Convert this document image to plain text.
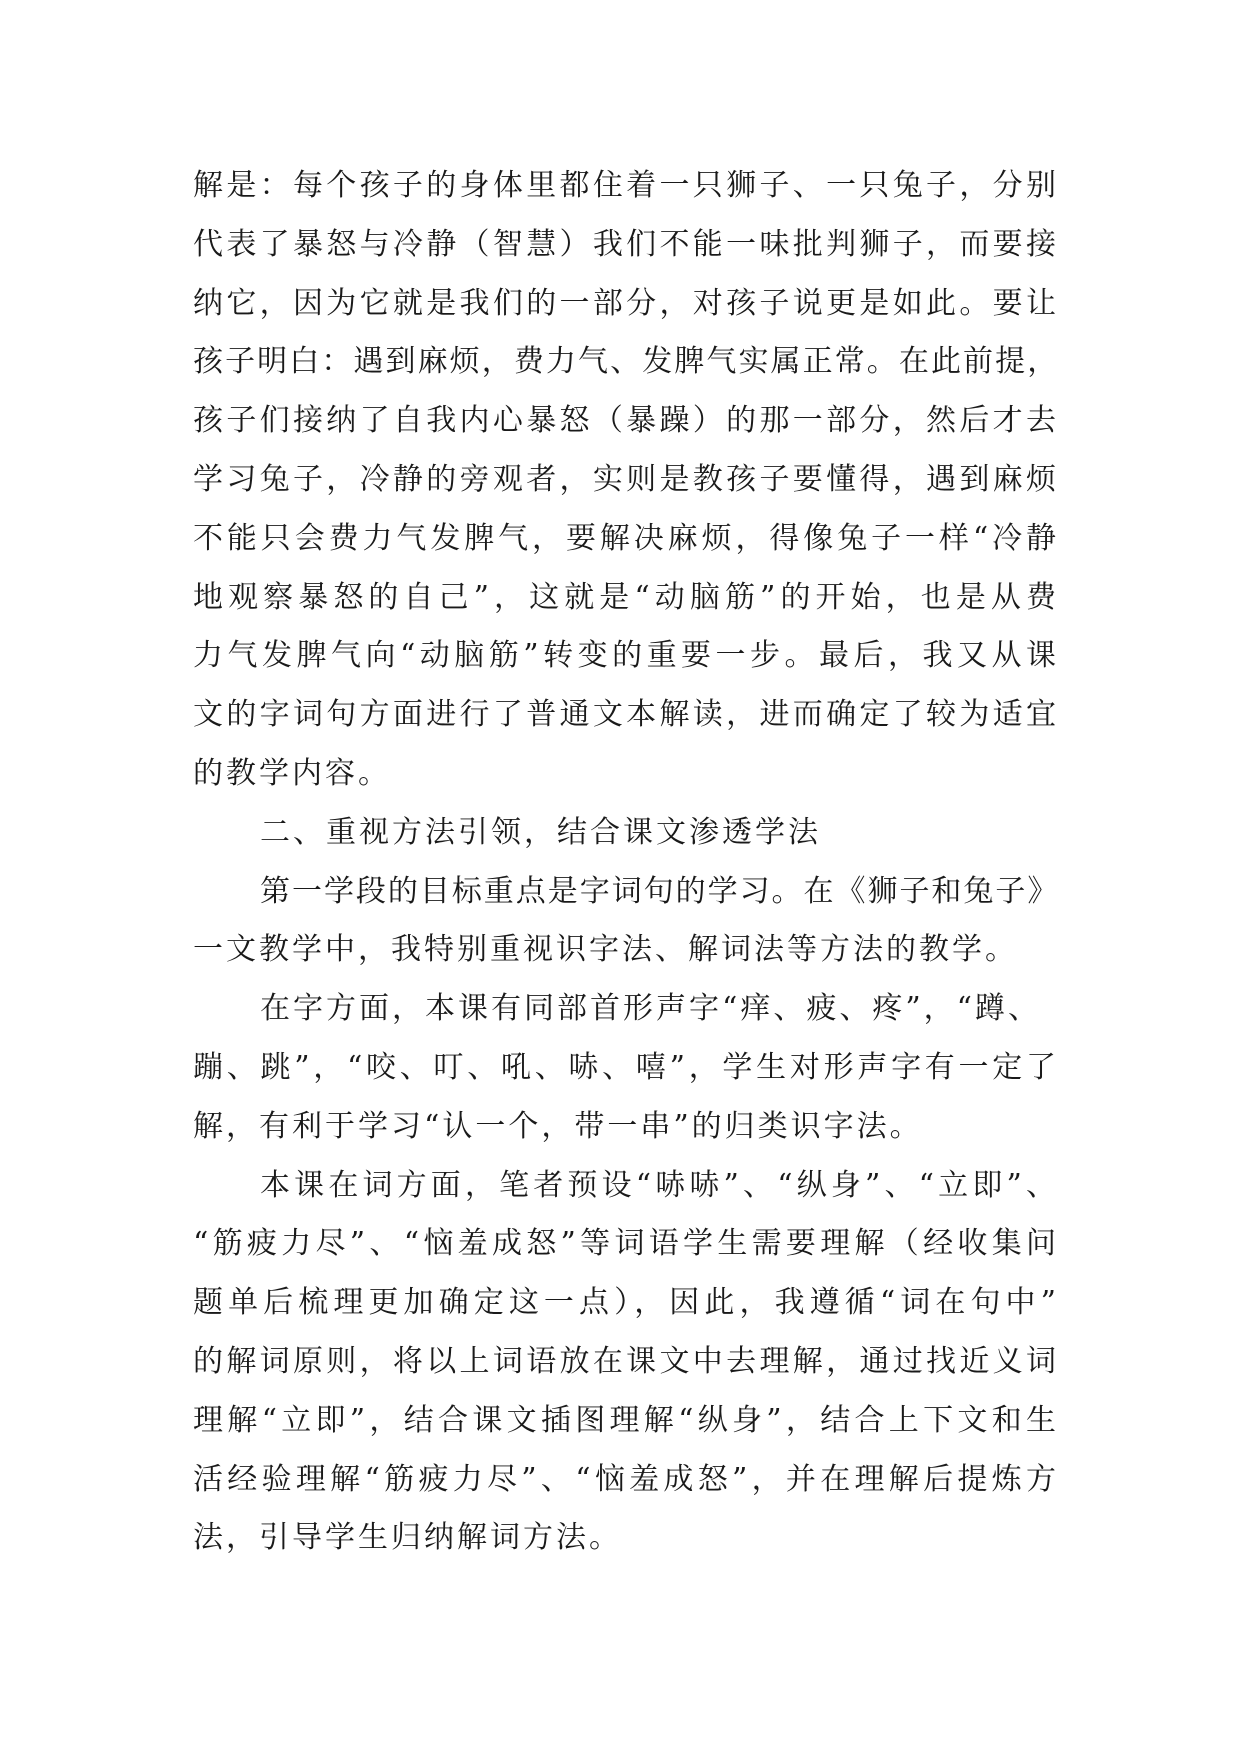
解是：每个孩子的身体里都住着一只狮子、一只兔子，分别
代表了暴怒与冷静（智慧）我们不能一味批判狮子，而要接
纳它，因为它就是我们的一部分，对孩子说更是如此。要让
孩子明白：遇到麻烦，费力气、发脾气实属正常。在此前提，
孩子们接纳了自我内心暴怒（暴躁）的那一部分，然后才去
学习兔子，冷静的旁观者，实则是教孩子要懂得，遇到麻烦
不能只会费力气发脾气，要解决麻烦，得像兔子一样“冷静
地观察暴怒的自己”，这就是“动脑筋”的开始，也是从费
力气发脾气向“动脑筋”转变的重要一步。最后，我又从课
文的字词句方面进行了普通文本解读，进而确定了较为适宜
的教学内容。
二、重视方法引领，结合课文渗透学法
第一学段的目标重点是字词句的学习。在《狮子和兔子》
一文教学中，我特别重视识字法、解词法等方法的教学。
在字方面，本课有同部首形声字“痒、疲、疼”，“蹲、
蹦、跳”，“咬、叮、吼、哧、嘻”，学生对形声字有一定了
解，有利于学习“认一个，带一串”的归类识字法。
本课在词方面，笔者预设“哧哧”、“纵身”、“立即”、
“筋疲力尽”、“恼羞成怒”等词语学生需要理解（经收集问
题单后梳理更加确定这一点），因此，我遵循“词在句中”
的解词原则，将以上词语放在课文中去理解，通过找近义词
理解“立即”，结合课文插图理解“纵身”，结合上下文和生
活经验理解“筋疲力尽”、“恼羞成怒”，并在理解后提炼方
法，引导学生归纳解词方法。
